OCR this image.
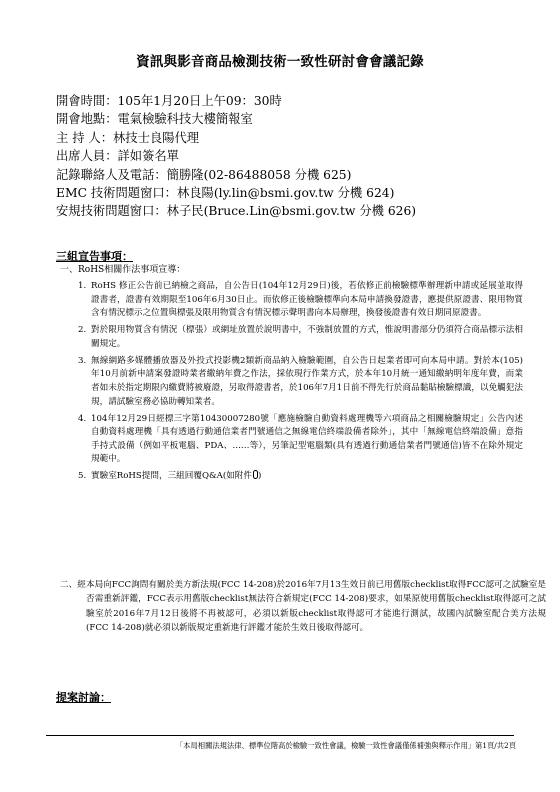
資訊與影音商品檢測技術一致性研討會會議記錄
開會時間：105年1月20日上午09：30時
開會地點：電氣檢驗科技大樓簡報室
主 持 人：林技士良陽代理
出席人員：詳如簽名單
記錄聯絡人及電話：簡勝隆(02-86488058 分機 625)
EMC 技術問題窗口：林良陽(ly.lin@bsmi.gov.tw 分機 624)
安規技術問題窗口：林子民(Bruce.Lin@bsmi.gov.tw 分機 626)
三組宣告事項：
一、RoHS相關作法事項宣導：
1. RoHS 修正公告前已納檢之商品，自公告日(104年12月29日)後，若依修正前檢驗標準辦理新申請或延展並取得證書者，證書有效期限至106年6月30日止。而依修正後檢驗標準向本局申請換發證書，應提供原證書、限用物質含有情況標示之位置與標張及限用物質含有情況標示聲明書向本局辦理，換發後證書有效日期同原證書。
2. 對於限用物質含有情況（標張）或網址放置於說明書中，不強制放置的方式，惟說明書部分仍須符合商品標示法相關規定。
3. 無線網路多媒體播放器及外投式投影機2類新商品納入檢驗範圍，自公告日起業者即可向本局申請。對於本(105)年10月前新申請案發證時業者繳納年費之作法，採依現行作業方式，於本年10月統一通知繳納明年度年費，而業者如未於指定期限內繳費將被廢證，另取得證書者，於106年7月1日前不得先行於商品黏貼檢驗標識，以免觸犯法規，請試驗室務必協助轉知業者。
4. 104年12月29日經標三字第10430007280號「應施檢驗自動資料處理機等六項商品之相關檢驗規定」公告內述自動資料處理機「具有透過行動通信業者門號通信之無線電信終端設備者除外」，其中「無線電信終端設備」意指手持式設備（例如平板電腦、PDA、……等），另筆記型電腦類(具有透過行動通信業者門號通信)皆不在除外規定規範中。
5. 實驗室RoHS提問，三組回覆Q&A(如附件 )
二、經本局向FCC詢問有關於美方新法規(FCC 14-208)於2016年7月13生效日前已用舊版checklist取得FCC認可之試驗室是否需重新評鑑，FCC表示用舊版checklist無法符合新規定(FCC 14-208)要求，如果原使用舊版checklist取得認可之試驗室於2016年7月12日後將不再被認可，必須以新版checklist取得認可才能進行測試，故國內試驗室配合美方法規(FCC 14-208)就必須以新版規定重新進行評鑑才能於生效日後取得認可。
提案討論：
「本局相關法規法律、標準位階高於檢驗一致性會議，檢驗一致性會議僅係補強與釋示作用」第1頁/共2頁
